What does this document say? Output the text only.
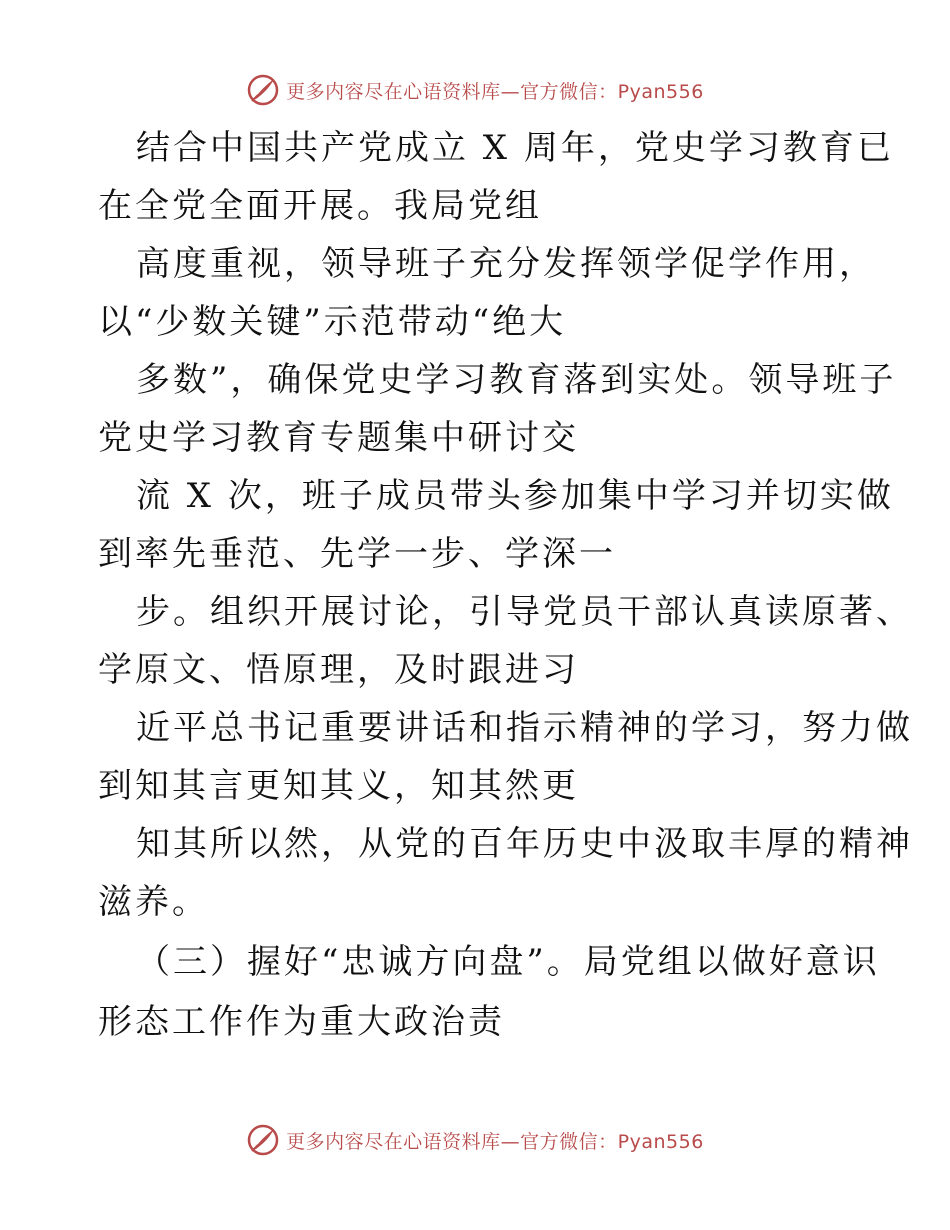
更多内容尽在心语资料库—官方微信：Pyan556
结合中国共产党成立 X 周年，党史学习教育已
在全党全面开展。我局党组
高度重视，领导班子充分发挥领学促学作用，
以“少数关键”示范带动“绝大
多数”，确保党史学习教育落到实处。领导班子
党史学习教育专题集中研讨交
流 X 次，班子成员带头参加集中学习并切实做
到率先垂范、先学一步、学深一
步。组织开展讨论，引导党员干部认真读原著、
学原文、悟原理，及时跟进习
近平总书记重要讲话和指示精神的学习，努力做
到知其言更知其义，知其然更
知其所以然，从党的百年历史中汲取丰厚的精神
滋养。
（三）握好“忠诚方向盘”。局党组以做好意识
形态工作作为重大政治责
更多内容尽在心语资料库—官方微信：Pyan556
